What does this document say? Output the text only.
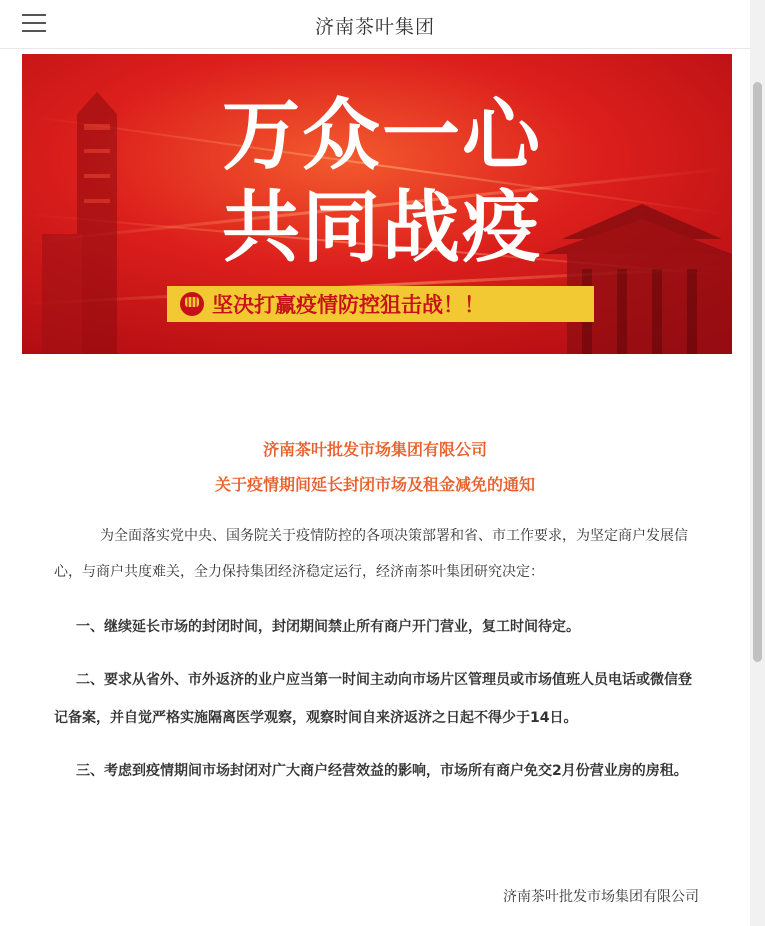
济南茶叶集团
万众一心
共同战疫
坚决打赢疫情防控狙击战！！
济南茶叶批发市场集团有限公司
关于疫情期间延长封闭市场及租金减免的通知
为全面落实党中央、国务院关于疫情防控的各项决策部署和省、市工作要求，为坚定商户发展信心，与商户共度难关，全力保持集团经济稳定运行，经济南茶叶集团研究决定：
一、继续延长市场的封闭时间，封闭期间禁止所有商户开门营业，复工时间待定。
二、要求从省外、市外返济的业户应当第一时间主动向市场片区管理员或市场值班人员电话或微信登记备案，并自觉严格实施隔离医学观察，观察时间自来济返济之日起不得少于14日。
三、考虑到疫情期间市场封闭对广大商户经营效益的影响，市场所有商户免交2月份营业房的房租。
济南茶叶批发市场集团有限公司
